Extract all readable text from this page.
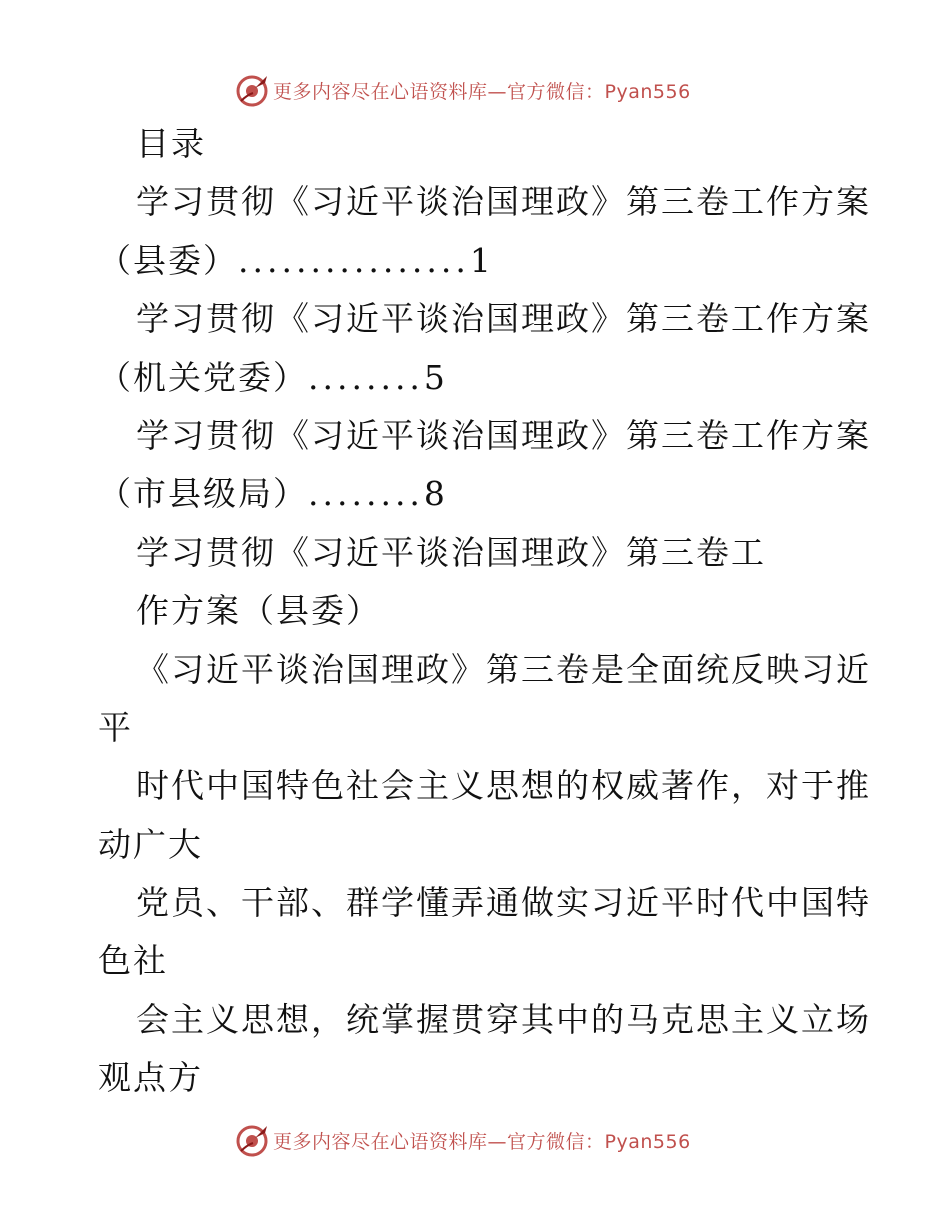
更多内容尽在心语资料库—官方微信：Pyan556
目录
学习贯彻《习近平谈治国理政》第三卷工作方案
（县委）................1
学习贯彻《习近平谈治国理政》第三卷工作方案
（机关党委）........5
学习贯彻《习近平谈治国理政》第三卷工作方案
（市县级局）........8
学习贯彻《习近平谈治国理政》第三卷工
作方案（县委）
《习近平谈治国理政》第三卷是全面统反映习近
平
时代中国特色社会主义思想的权威著作，对于推
动广大
党员、干部、群学懂弄通做实习近平时代中国特
色社
会主义思想，统掌握贯穿其中的马克思主义立场
观点方
更多内容尽在心语资料库—官方微信：Pyan556
